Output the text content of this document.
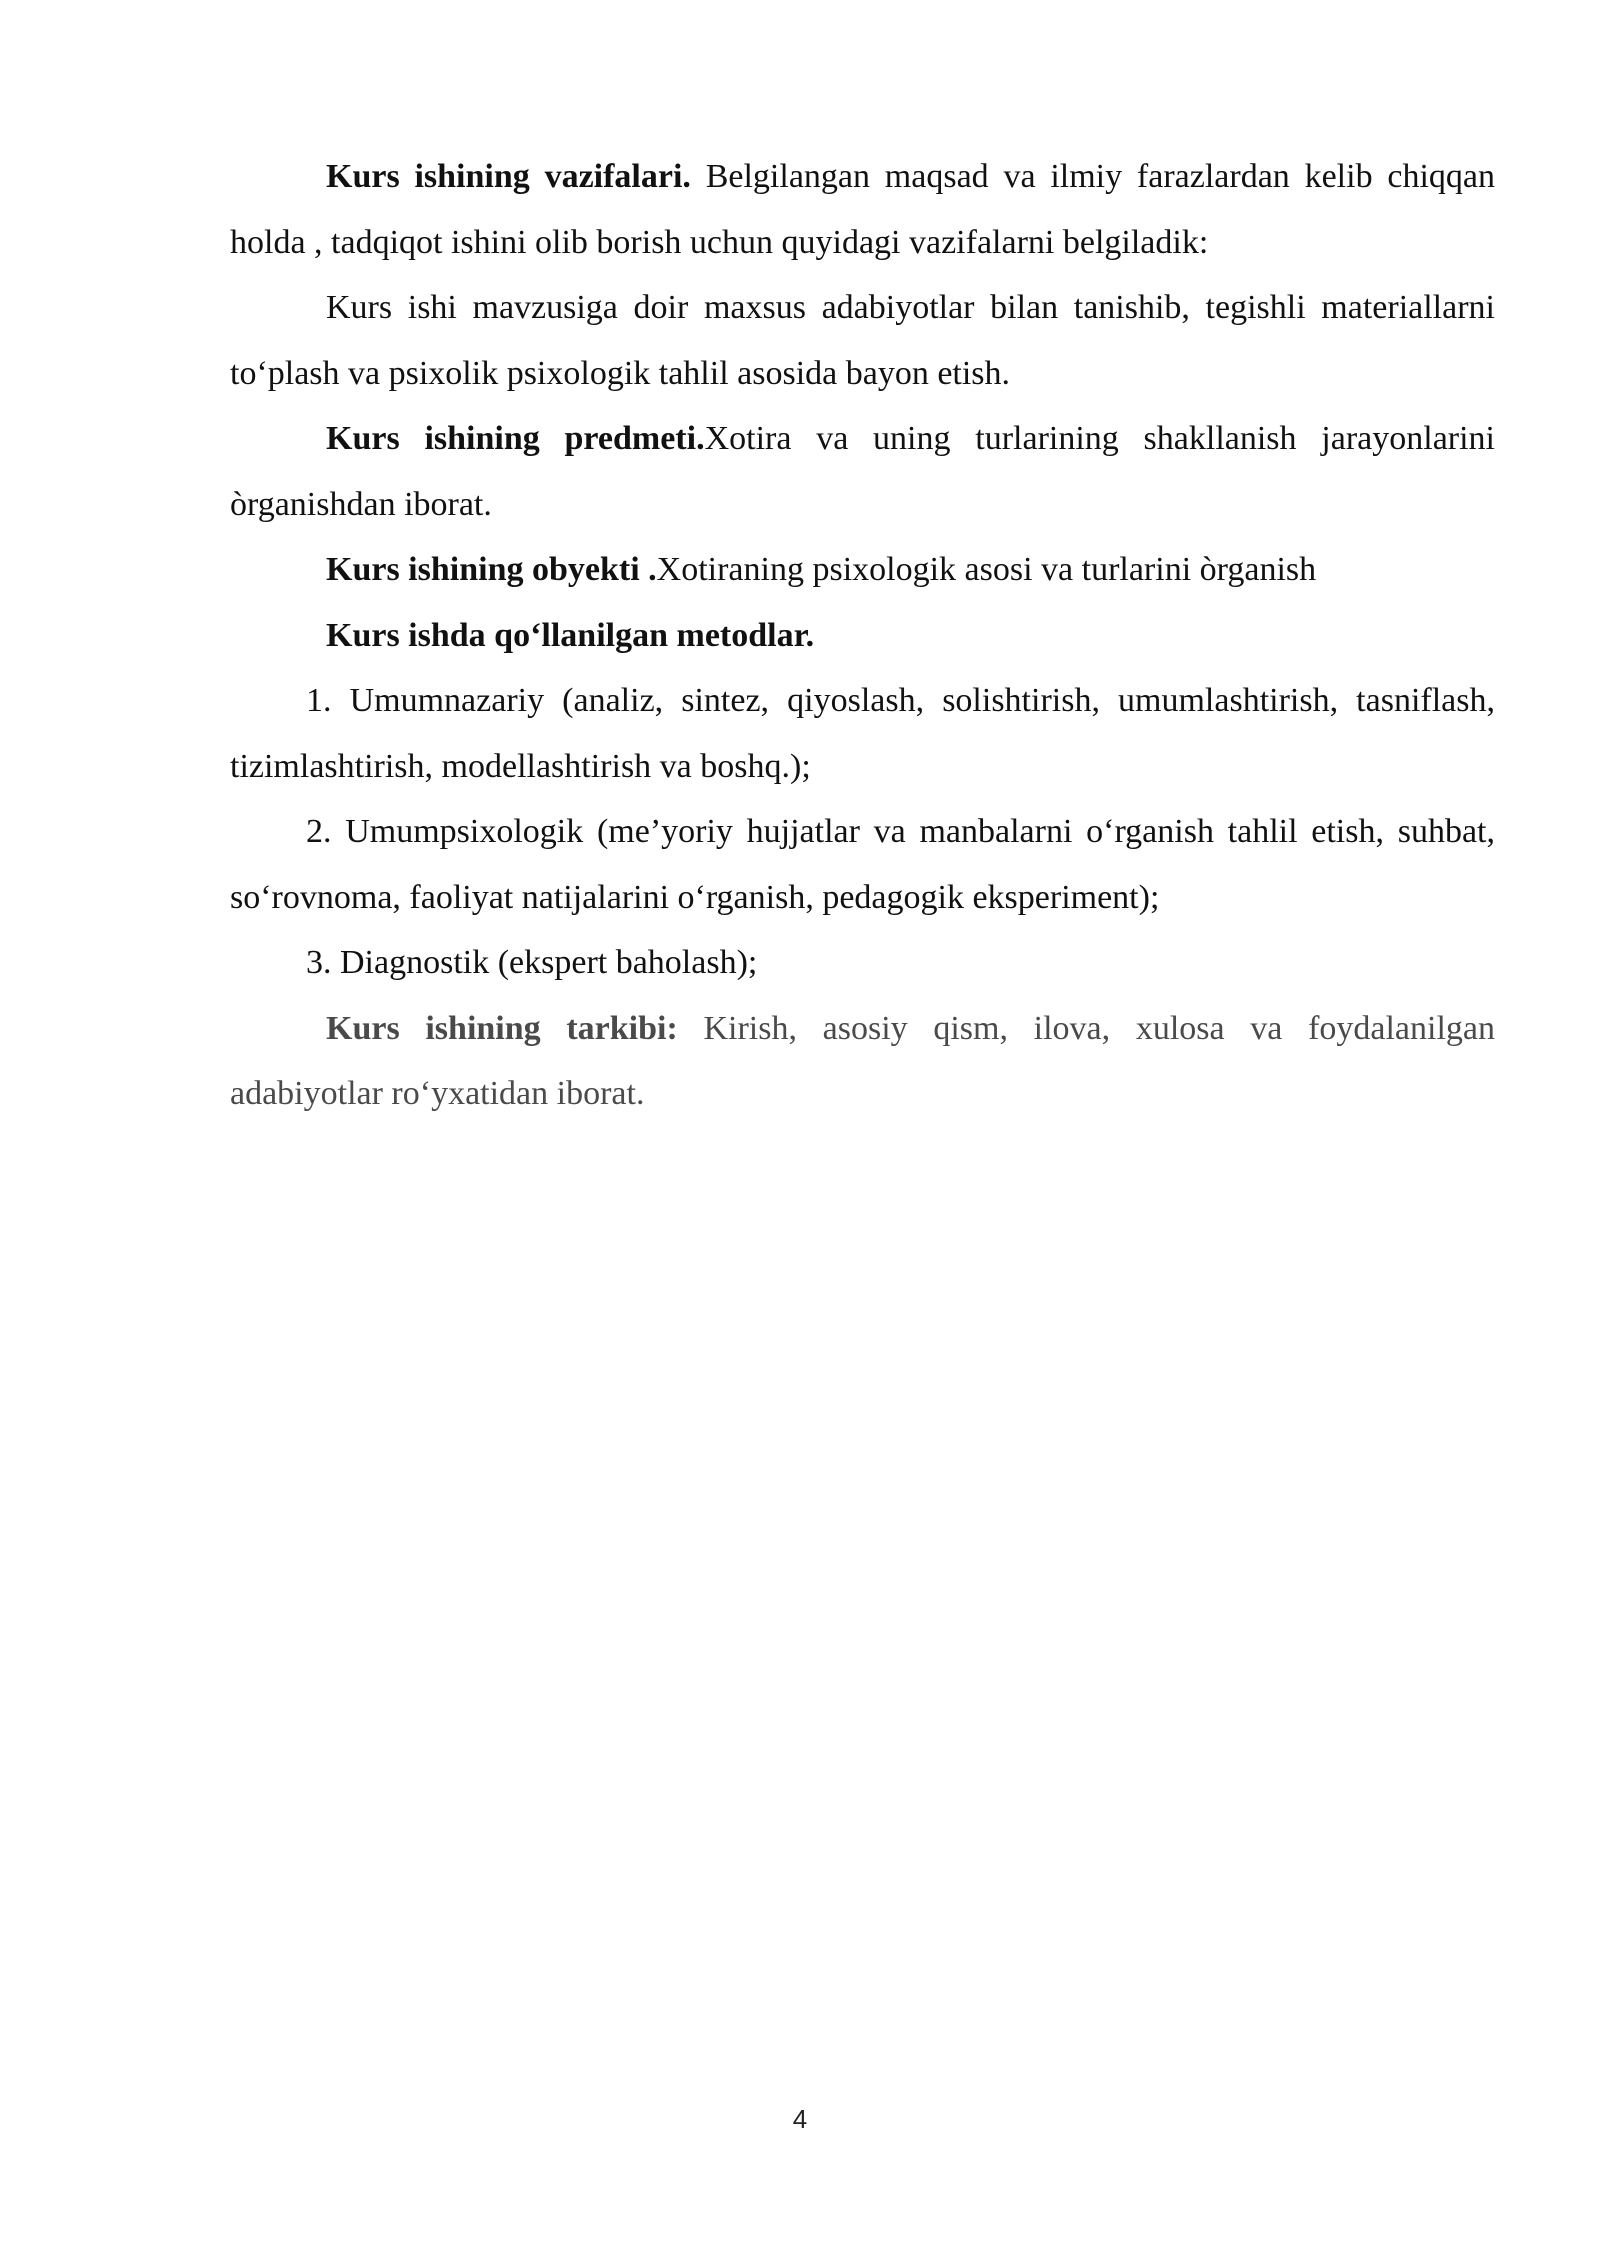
Kurs ishining vazifalari. Belgilangan maqsad va ilmiy farazlardan kelib chiqqan holda , tadqiqot ishini olib borish uchun quyidagi vazifalarni belgiladik:

Kurs ishi mavzusiga doir maxsus adabiyotlar bilan tanishib, tegishli materiallarni to‘plash va psixolik psixologik tahlil asosida bayon etish.

Kurs ishining predmeti.Xotira va uning turlarining shakllanish jarayonlarini òrganishdan iborat.

Kurs ishining obyekti .Xotiraning psixologik asosi va turlarini òrganish

Kurs ishda qo‘llanilgan metodlar.

1. Umumnazariy (analiz, sintez, qiyoslash, solishtirish, umumlashtirish, tasniflash, tizimlashtirish, modellashtirish va boshq.);

2. Umumpsixologik (me’yoriy hujjatlar va manbalarni o‘rganish tahlil etish, suhbat, so‘rovnoma, faoliyat natijalarini o‘rganish, pedagogik eksperiment);

3. Diagnostik (ekspert baholash);

Kurs ishining tarkibi: Kirish, asosiy qism, ilova, xulosa va foydalanilgan adabiyotlar ro‘yxatidan iborat.

4
